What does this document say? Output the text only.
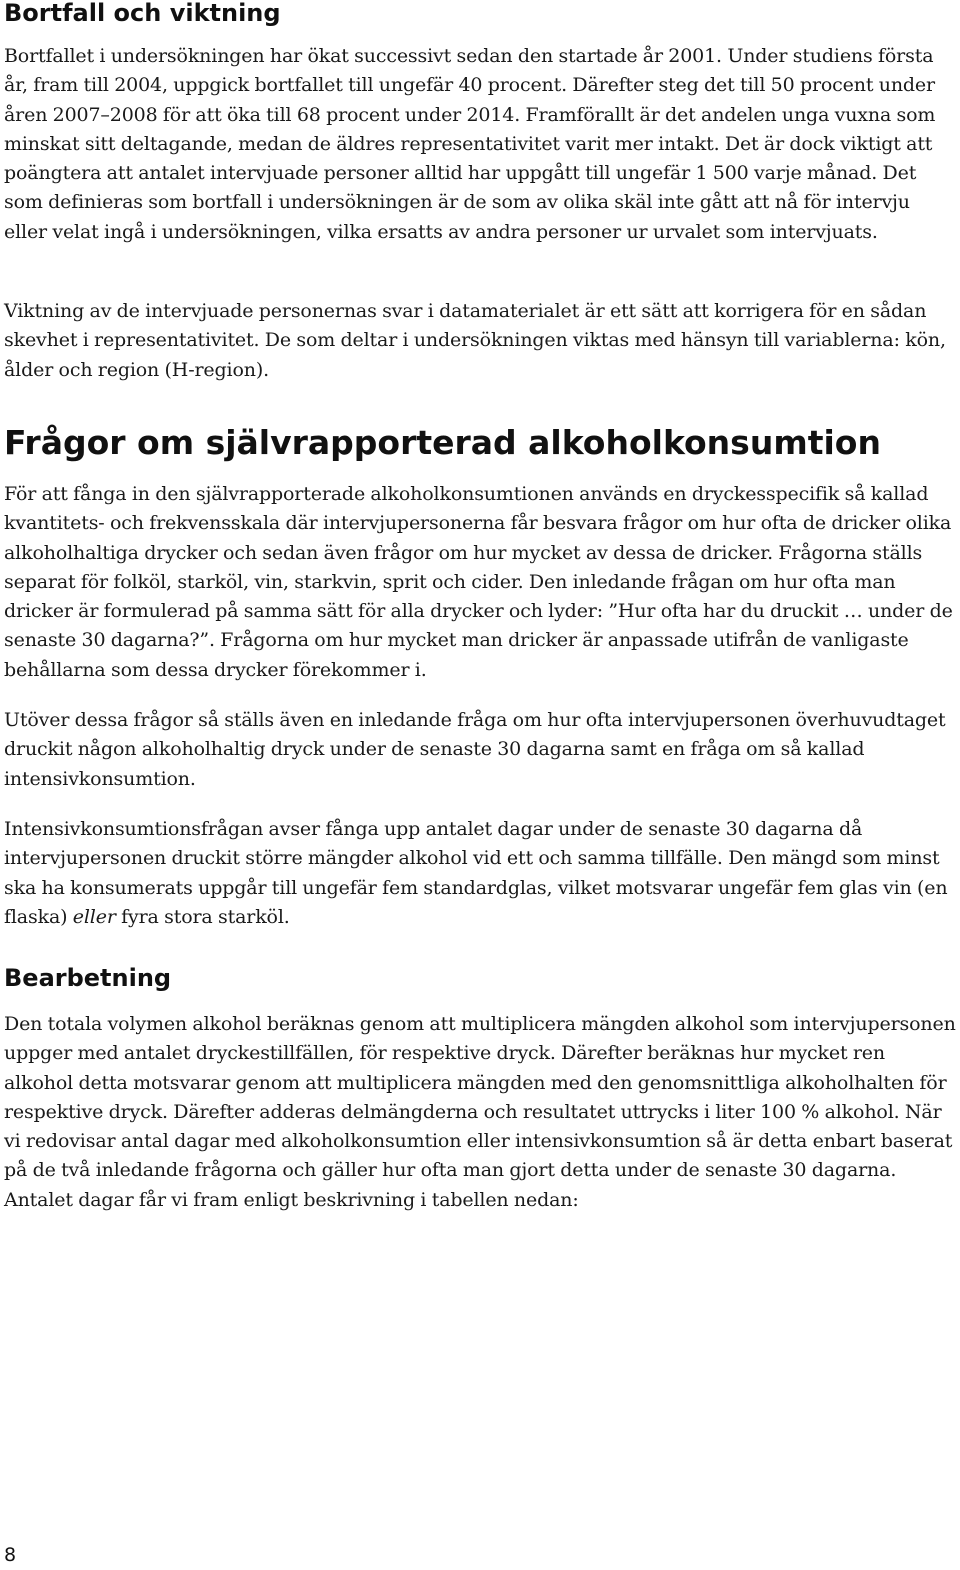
Bortfall och viktning

Bortfallet i undersökningen har ökat successivt sedan den startade år 2001. Under studiens första år, fram till 2004, uppgick bortfallet till ungefär 40 procent. Därefter steg det till 50 procent under åren 2007–2008 för att öka till 68 procent under 2014. Framförallt är det andelen unga vuxna som minskat sitt deltagande, medan de äldres representativitet varit mer intakt. Det är dock viktigt att poängtera att antalet intervjuade personer alltid har uppgått till ungefär 1 500 varje månad. Det som definieras som bortfall i undersökningen är de som av olika skäl inte gått att nå för intervju eller velat ingå i undersökningen, vilka ersatts av andra personer ur urvalet som intervjuats.

Viktning av de intervjuade personernas svar i datamaterialet är ett sätt att korrigera för en sådan skevhet i representativitet. De som deltar i undersökningen viktas med hänsyn till variablerna: kön, ålder och region (H-region).

Frågor om självrapporterad alkoholkonsumtion

För att fånga in den självrapporterade alkoholkonsumtionen används en dryckesspecifik så kallad kvantitets- och frekvensskala där intervjupersonerna får besvara frågor om hur ofta de dricker olika alkoholhaltiga drycker och sedan även frågor om hur mycket av dessa de dricker. Frågorna ställs separat för folköl, starköl, vin, starkvin, sprit och cider. Den inledande frågan om hur ofta man dricker är formulerad på samma sätt för alla drycker och lyder: ”Hur ofta har du druckit … under de senaste 30 dagarna?”. Frågorna om hur mycket man dricker är anpassade utifrån de vanligaste behållarna som dessa drycker förekommer i.

Utöver dessa frågor så ställs även en inledande fråga om hur ofta intervjupersonen överhuvudtaget druckit någon alkoholhaltig dryck under de senaste 30 dagarna samt en fråga om så kallad intensivkonsumtion.

Intensivkonsumtionsfrågan avser fånga upp antalet dagar under de senaste 30 dagarna då intervjupersonen druckit större mängder alkohol vid ett och samma tillfälle. Den mängd som minst ska ha konsumerats uppgår till ungefär fem standardglas, vilket motsvarar ungefär fem glas vin (en flaska) eller fyra stora starköl.

Bearbetning

Den totala volymen alkohol beräknas genom att multiplicera mängden alkohol som intervjupersonen uppger med antalet dryckestillfällen, för respektive dryck. Därefter beräknas hur mycket ren alkohol detta motsvarar genom att multiplicera mängden med den genomsnittliga alkoholhalten för respektive dryck. Därefter adderas delmängderna och resultatet uttrycks i liter 100 % alkohol. När vi redovisar antal dagar med alkoholkonsumtion eller intensivkonsumtion så är detta enbart baserat på de två inledande frågorna och gäller hur ofta man gjort detta under de senaste 30 dagarna. Antalet dagar får vi fram enligt beskrivning i tabellen nedan:

8
